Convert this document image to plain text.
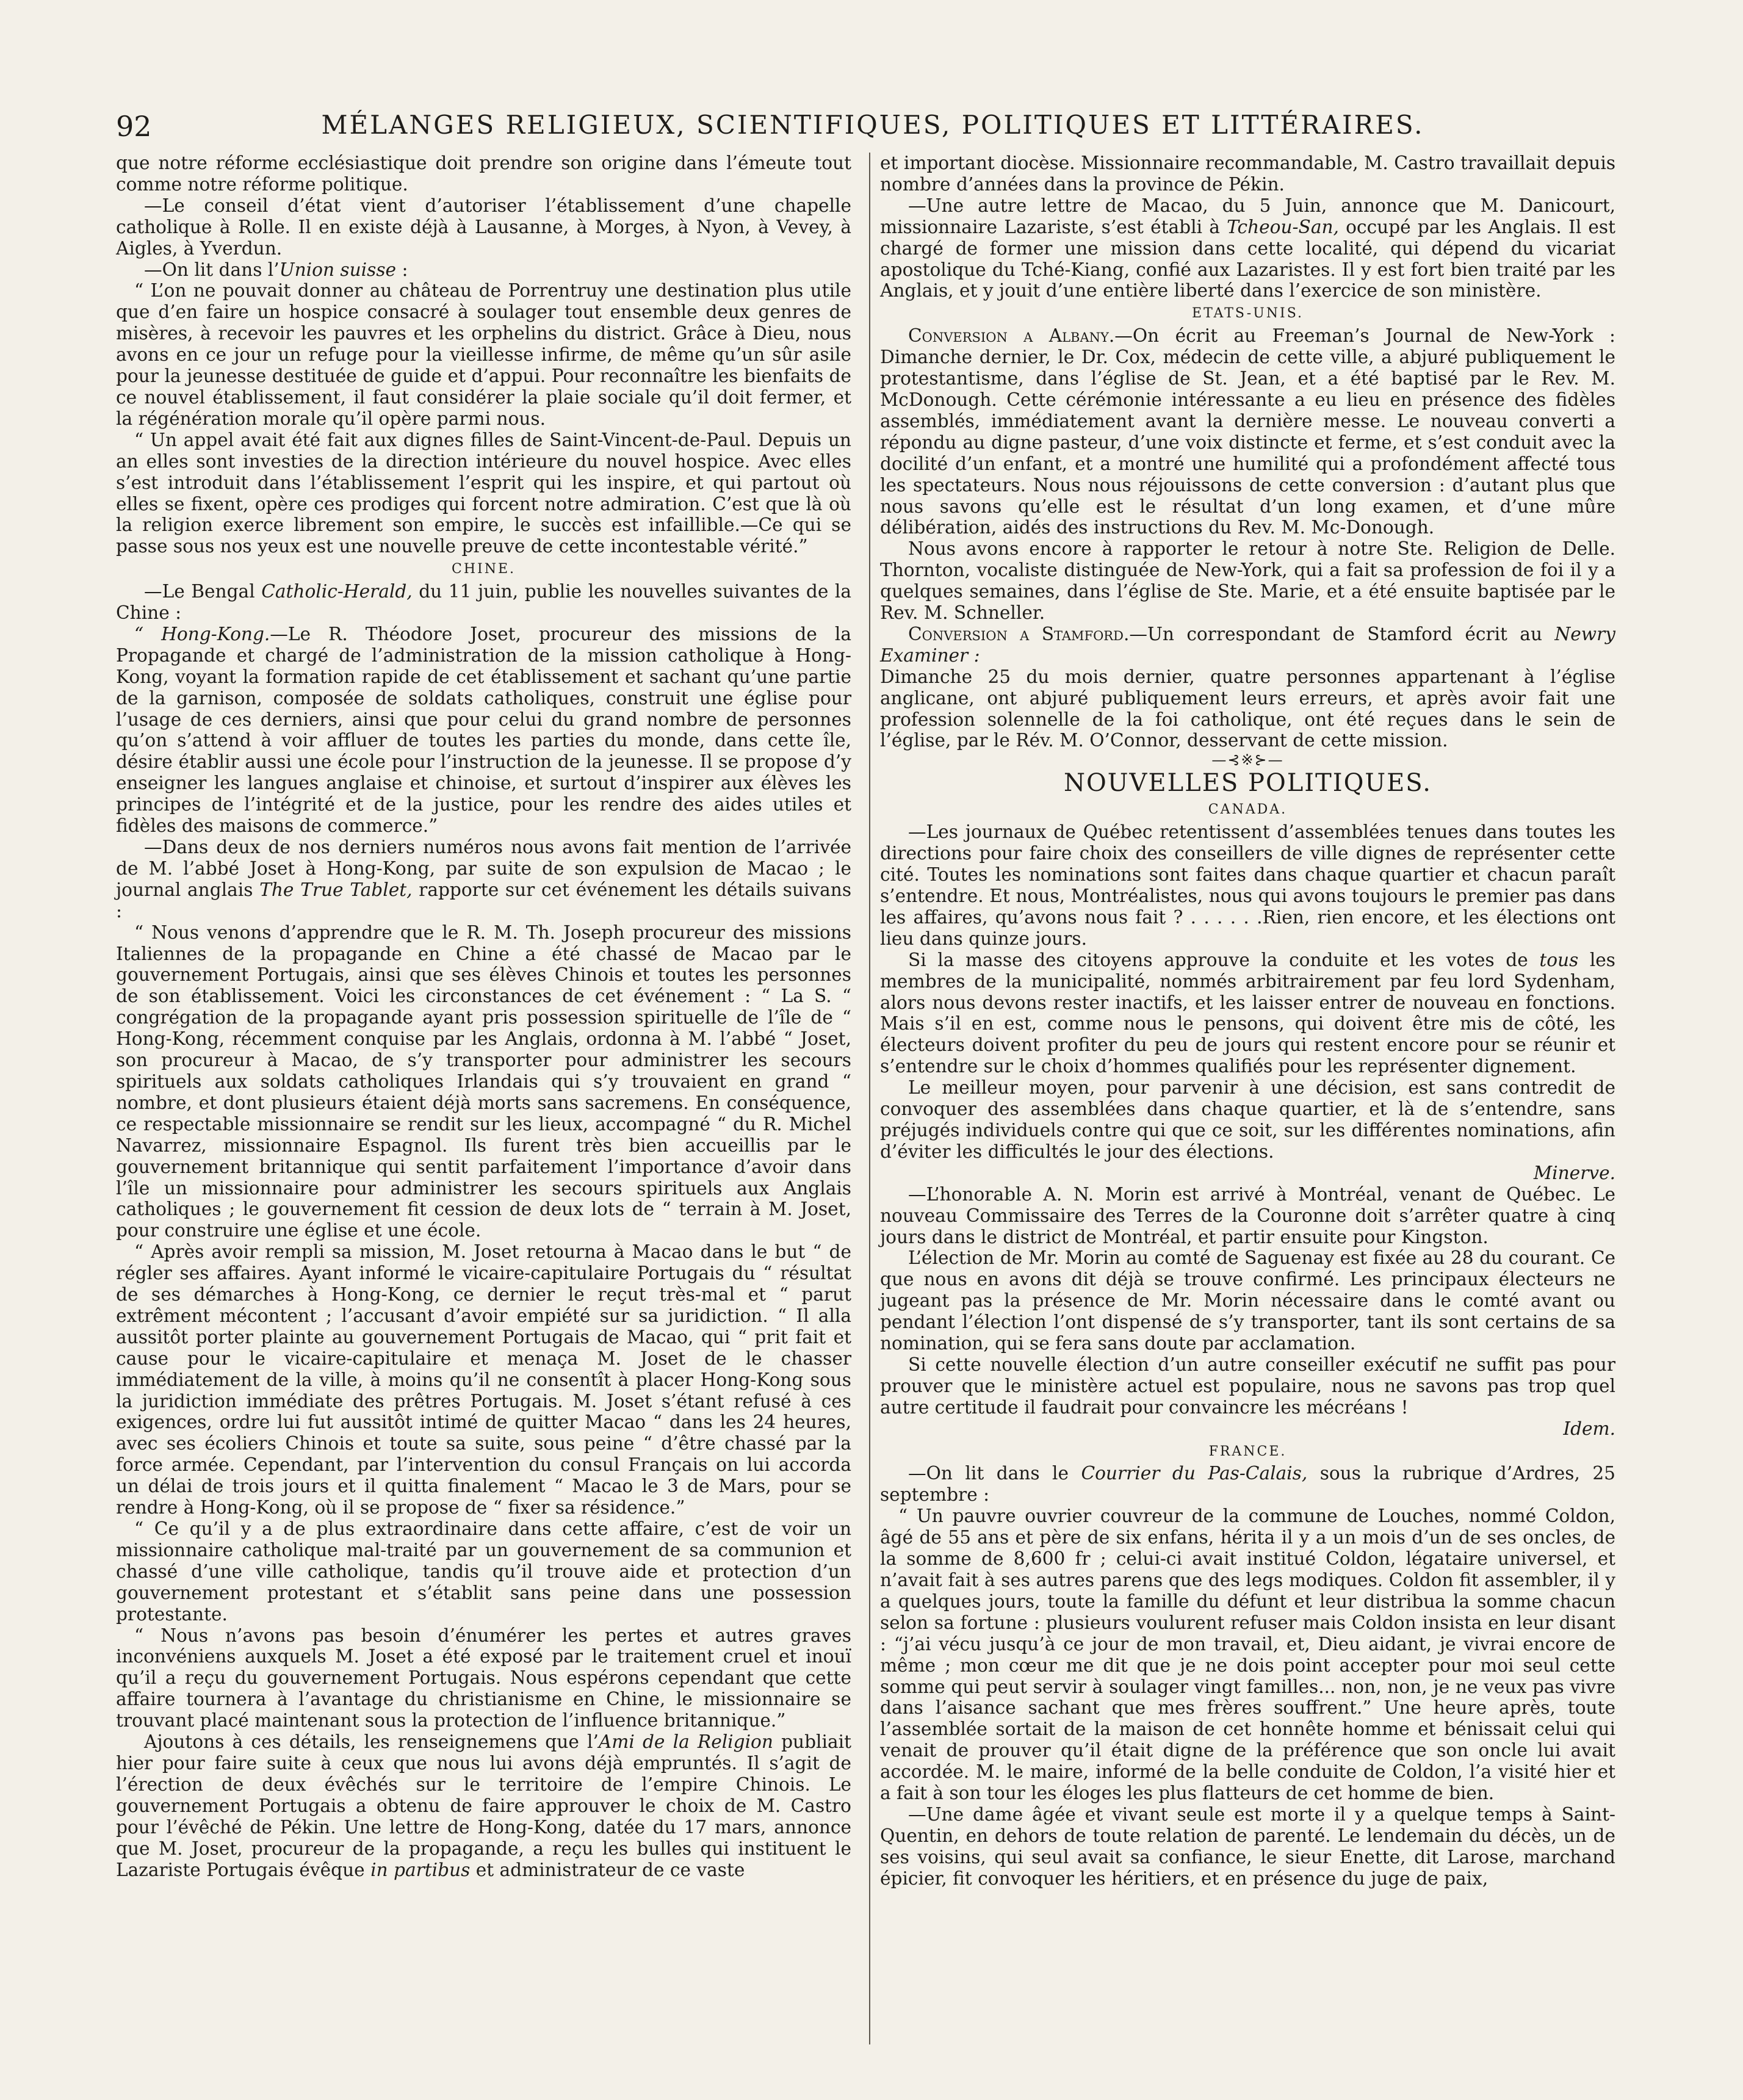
92	MÉLANGES RELIGIEUX, SCIENTIFIQUES, POLITIQUES ET LITTÉRAIRES.

que notre réforme ecclésiastique doit prendre son origine dans l’émeute tout comme notre réforme politique.

—Le conseil d’état vient d’autoriser l’établissement d’une chapelle catholique à Rolle. Il en existe déjà à Lausanne, à Morges, à Nyon, à Vevey, à Aigles, à Yverdun.

—On lit dans l’Union suisse :

“ L’on ne pouvait donner au château de Porrentruy une destination plus utile que d’en faire un hospice consacré à soulager tout ensemble deux genres de misères, à recevoir les pauvres et les orphelins du district. Grâce à Dieu, nous avons en ce jour un refuge pour la vieillesse infirme, de même qu’un sûr asile pour la jeunesse destituée de guide et d’appui. Pour reconnaître les bienfaits de ce nouvel établissement, il faut considérer la plaie sociale qu’il doit fermer, et la régénération morale qu’il opère parmi nous.

“ Un appel avait été fait aux dignes filles de Saint-Vincent-de-Paul. Depuis un an elles sont investies de la direction intérieure du nouvel hospice. Avec elles s’est introduit dans l’établissement l’esprit qui les inspire, et qui partout où elles se fixent, opère ces prodiges qui forcent notre admiration. C’est que là où la religion exerce librement son empire, le succès est infaillible.—Ce qui se passe sous nos yeux est une nouvelle preuve de cette incontestable vérité.”

CHINE.

—Le Bengal Catholic-Herald, du 11 juin, publie les nouvelles suivantes de la Chine :

“ Hong-Kong.—Le R. Théodore Joset, procureur des missions de la Propagande et chargé de l’administration de la mission catholique à Hong-Kong, voyant la formation rapide de cet établissement et sachant qu’une partie de la garnison, composée de soldats catholiques, construit une église pour l’usage de ces derniers, ainsi que pour celui du grand nombre de personnes qu’on s’attend à voir affluer de toutes les parties du monde, dans cette île, désire établir aussi une école pour l’instruction de la jeunesse. Il se propose d’y enseigner les langues anglaise et chinoise, et surtout d’inspirer aux élèves les principes de l’intégrité et de la justice, pour les rendre des aides utiles et fidèles des maisons de commerce.”

—Dans deux de nos derniers numéros nous avons fait mention de l’arrivée de M. l’abbé Joset à Hong-Kong, par suite de son expulsion de Macao ; le journal anglais The True Tablet, rapporte sur cet événement les détails suivans :

“ Nous venons d’apprendre que le R. M. Th. Joseph procureur des missions Italiennes de la propagande en Chine a été chassé de Macao par le gouvernement Portugais, ainsi que ses élèves Chinois et toutes les personnes de son établissement. Voici les circonstances de cet événement : “ La S. “ congrégation de la propagande ayant pris possession spirituelle de l’île de “ Hong-Kong, récemment conquise par les Anglais, ordonna à M. l’abbé “ Joset, son procureur à Macao, de s’y transporter pour administrer les secours spirituels aux soldats catholiques Irlandais qui s’y trouvaient en grand “ nombre, et dont plusieurs étaient déjà morts sans sacremens. En conséquence, ce respectable missionnaire se rendit sur les lieux, accompagné “ du R. Michel Navarrez, missionnaire Espagnol. Ils furent très bien accueillis par le gouvernement britannique qui sentit parfaitement l’importance d’avoir dans l’île un missionnaire pour administrer les secours spirituels aux Anglais catholiques ; le gouvernement fit cession de deux lots de “ terrain à M. Joset, pour construire une église et une école.

“ Après avoir rempli sa mission, M. Joset retourna à Macao dans le but “ de régler ses affaires. Ayant informé le vicaire-capitulaire Portugais du “ résultat de ses démarches à Hong-Kong, ce dernier le reçut très-mal et “ parut extrêment mécontent ; l’accusant d’avoir empiété sur sa juridiction. “ Il alla aussitôt porter plainte au gouvernement Portugais de Macao, qui “ prit fait et cause pour le vicaire-capitulaire et menaça M. Joset de le chasser immédiatement de la ville, à moins qu’il ne consentît à placer Hong-Kong sous la juridiction immédiate des prêtres Portugais. M. Joset s’étant refusé à ces exigences, ordre lui fut aussitôt intimé de quitter Macao “ dans les 24 heures, avec ses écoliers Chinois et toute sa suite, sous peine “ d’être chassé par la force armée. Cependant, par l’intervention du consul Français on lui accorda un délai de trois jours et il quitta finalement “ Macao le 3 de Mars, pour se rendre à Hong-Kong, où il se propose de “ fixer sa résidence.”

“ Ce qu’il y a de plus extraordinaire dans cette affaire, c’est de voir un missionnaire catholique mal-traité par un gouvernement de sa communion et chassé d’une ville catholique, tandis qu’il trouve aide et protection d’un gouvernement protestant et s’établit sans peine dans une possession protestante.

“ Nous n’avons pas besoin d’énumérer les pertes et autres graves inconvéniens auxquels M. Joset a été exposé par le traitement cruel et inouï qu’il a reçu du gouvernement Portugais. Nous espérons cependant que cette affaire tournera à l’avantage du christianisme en Chine, le missionnaire se trouvant placé maintenant sous la protection de l’influence britannique.”

Ajoutons à ces détails, les renseignemens que l’Ami de la Religion publiait hier pour faire suite à ceux que nous lui avons déjà empruntés. Il s’agit de l’érection de deux évêchés sur le territoire de l’empire Chinois. Le gouvernement Portugais a obtenu de faire approuver le choix de M. Castro pour l’évêché de Pékin. Une lettre de Hong-Kong, datée du 17 mars, annonce que M. Joset, procureur de la propagande, a reçu les bulles qui instituent le Lazariste Portugais évêque in partibus et administrateur de ce vaste

et important diocèse. Missionnaire recommandable, M. Castro travaillait depuis nombre d’années dans la province de Pékin.

—Une autre lettre de Macao, du 5 Juin, annonce que M. Danicourt, missionnaire Lazariste, s’est établi à Tcheou-San, occupé par les Anglais. Il est chargé de former une mission dans cette localité, qui dépend du vicariat apostolique du Tché-Kiang, confié aux Lazaristes. Il y est fort bien traité par les Anglais, et y jouit d’une entière liberté dans l’exercice de son ministère.

ETATS-UNIS.

Conversion a Albany.—On écrit au Freeman’s Journal de New-York : Dimanche dernier, le Dr. Cox, médecin de cette ville, a abjuré publiquement le protestantisme, dans l’église de St. Jean, et a été baptisé par le Rev. M. McDonough. Cette cérémonie intéressante a eu lieu en présence des fidèles assemblés, immédiatement avant la dernière messe. Le nouveau converti a répondu au digne pasteur, d’une voix distincte et ferme, et s’est conduit avec la docilité d’un enfant, et a montré une humilité qui a profondément affecté tous les spectateurs. Nous nous réjouissons de cette conversion : d’autant plus que nous savons qu’elle est le résultat d’un long examen, et d’une mûre délibération, aidés des instructions du Rev. M. Mc-Donough.

Nous avons encore à rapporter le retour à notre Ste. Religion de Delle. Thornton, vocaliste distinguée de New-York, qui a fait sa profession de foi il y a quelques semaines, dans l’église de Ste. Marie, et a été ensuite baptisée par le Rev. M. Schneller.

Conversion a Stamford.—Un correspondant de Stamford écrit au Newry Examiner :

Dimanche 25 du mois dernier, quatre personnes appartenant à l’église anglicane, ont abjuré publiquement leurs erreurs, et après avoir fait une profession solennelle de la foi catholique, ont été reçues dans le sein de l’église, par le Rév. M. O’Connor, desservant de cette mission.

—⊰※⊱—

NOUVELLES POLITIQUES.

CANADA.

—Les journaux de Québec retentissent d’assemblées tenues dans toutes les directions pour faire choix des conseillers de ville dignes de représenter cette cité. Toutes les nominations sont faites dans chaque quartier et chacun paraît s’entendre. Et nous, Montréalistes, nous qui avons toujours le premier pas dans les affaires, qu’avons nous fait ? . . . . . .Rien, rien encore, et les élections ont lieu dans quinze jours.

Si la masse des citoyens approuve la conduite et les votes de tous les membres de la municipalité, nommés arbitrairement par feu lord Sydenham, alors nous devons rester inactifs, et les laisser entrer de nouveau en fonctions. Mais s’il en est, comme nous le pensons, qui doivent être mis de côté, les électeurs doivent profiter du peu de jours qui restent encore pour se réunir et s’entendre sur le choix d’hommes qualifiés pour les représenter dignement.

Le meilleur moyen, pour parvenir à une décision, est sans contredit de convoquer des assemblées dans chaque quartier, et là de s’entendre, sans préjugés individuels contre qui que ce soit, sur les différentes nominations, afin d’éviter les difficultés le jour des élections.

Minerve.

—L’honorable A. N. Morin est arrivé à Montréal, venant de Québec. Le nouveau Commissaire des Terres de la Couronne doit s’arrêter quatre à cinq jours dans le district de Montréal, et partir ensuite pour Kingston.

L’élection de Mr. Morin au comté de Saguenay est fixée au 28 du courant. Ce que nous en avons dit déjà se trouve confirmé. Les principaux électeurs ne jugeant pas la présence de Mr. Morin nécessaire dans le comté avant ou pendant l’élection l’ont dispensé de s’y transporter, tant ils sont certains de sa nomination, qui se fera sans doute par acclamation.

Si cette nouvelle élection d’un autre conseiller exécutif ne suffit pas pour prouver que le ministère actuel est populaire, nous ne savons pas trop quel autre certitude il faudrait pour convaincre les mécréans !

Idem.

FRANCE.

—On lit dans le Courrier du Pas-Calais, sous la rubrique d’Ardres, 25 septembre :

“ Un pauvre ouvrier couvreur de la commune de Louches, nommé Coldon, âgé de 55 ans et père de six enfans, hérita il y a un mois d’un de ses oncles, de la somme de 8,600 fr ; celui-ci avait institué Coldon, légataire universel, et n’avait fait à ses autres parens que des legs modiques. Coldon fit assembler, il y a quelques jours, toute la famille du défunt et leur distribua la somme chacun selon sa fortune : plusieurs voulurent refuser mais Coldon insista en leur disant : “j’ai vécu jusqu’à ce jour de mon travail, et, Dieu aidant, je vivrai encore de même ; mon cœur me dit que je ne dois point accepter pour moi seul cette somme qui peut servir à soulager vingt familles... non, non, je ne veux pas vivre dans l’aisance sachant que mes frères souffrent.” Une heure après, toute l’assemblée sortait de la maison de cet honnête homme et bénissait celui qui venait de prouver qu’il était digne de la préférence que son oncle lui avait accordée. M. le maire, informé de la belle conduite de Coldon, l’a visité hier et a fait à son tour les éloges les plus flatteurs de cet homme de bien.

—Une dame âgée et vivant seule est morte il y a quelque temps à Saint-Quentin, en dehors de toute relation de parenté. Le lendemain du décès, un de ses voisins, qui seul avait sa confiance, le sieur Enette, dit Larose, marchand épicier, fit convoquer les héritiers, et en présence du juge de paix,
